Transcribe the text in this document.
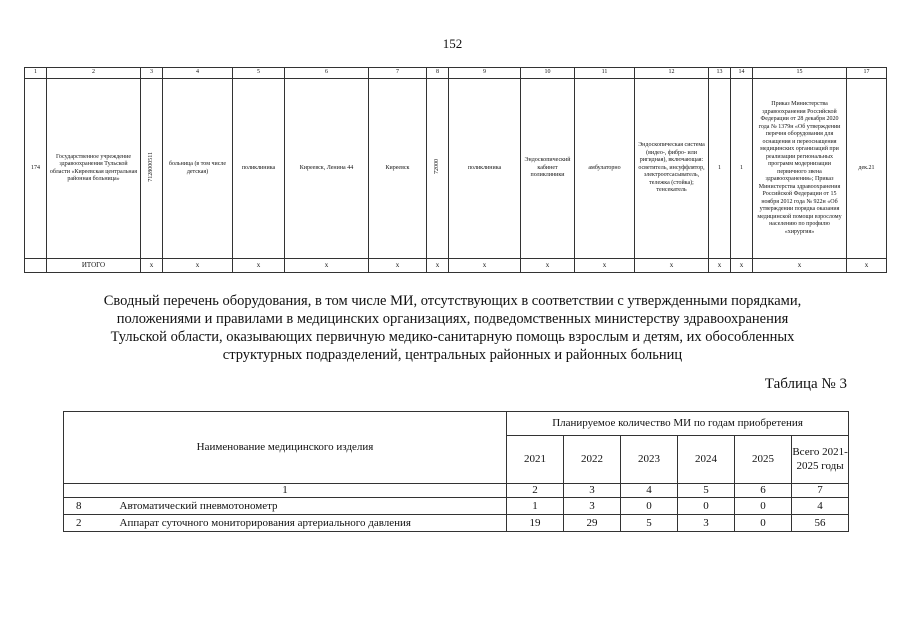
152
1	2	3	4	5	6	7	8	9	10	11	12	13	14	15	17
174	Государственное учреждение здравоохранения Тульской области «Киреевская центральная районная больница»	7128000511	больница (в том числе детская)	поликлиника	Киреевск, Ленина 44	Киреевск	72000	поликлиника	Эндоскопический кабинет поликлиники	амбулаторно	Эндоскопическая система (видео-, фибро- или ригидная), включающая: осветитель, инсуффлятор, электроотсасыватель, тележка (стойка); тенсекатель	1	1	Приказ Министерства здравоохранения Российской Федерации от 28 декабря 2020 года № 1379н «Об утверждении перечня оборудования для оснащения и переоснащения медицинских организаций при реализации региональных программ модернизации первичного звена здравоохранения»; Приказ Министерства здравоохранения Российской Федерации от 15 ноября 2012 года № 922н «Об утверждении порядка оказания медицинской помощи взрослому населению по профилю «хирургия»	дек.21
	ИТОГО	x	x	x	x	x	x	x	x	x	x	x	x	x	x
Сводный перечень оборудования, в том числе МИ, отсутствующих в соответствии с утвержденными порядками,
положениями и правилами в медицинских организациях, подведомственных министерству здравоохранения
Тульской области, оказывающих первичную медико-санитарную помощь взрослым и детям, их обособленных
структурных подразделений, центральных районных и районных больниц
Таблица № 3
Наименование медицинского изделия		Планируемое количество МИ по годам приобретения					
		2021	2022	2023	2024	2025	Всего 2021-2025 годы
1		2	3	4	5	6	7
8	Автоматический пневмотонометр	1	3	0	0	0	4
2	Аппарат суточного мониторирования артериального давления	19	29	5	3	0	56
